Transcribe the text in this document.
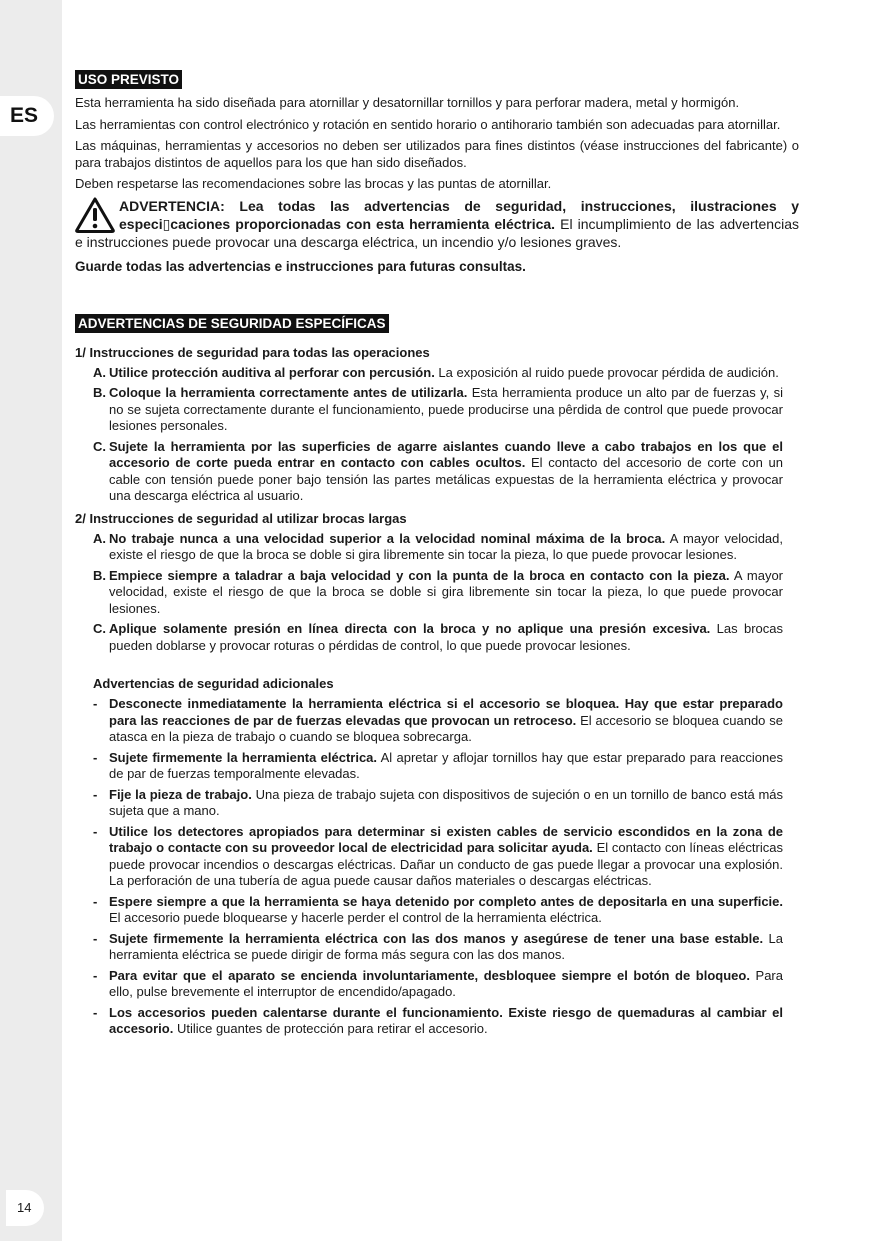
ES
14
USO PREVISTO

Esta herramienta ha sido diseñada para atornillar y desatornillar tornillos y para perforar madera, metal y hormigón.

Las herramientas con control electrónico y rotación en sentido horario o antihorario también son adecuadas para atornillar.

Las máquinas, herramientas y accesorios no deben ser utilizados para fines distintos (véase instrucciones del fabricante) o para trabajos distintos de aquellos para los que han sido diseñados.

Deben respetarse las recomendaciones sobre las brocas y las puntas de atornillar.

ADVERTENCIA: Lea todas las advertencias de seguridad, instrucciones, ilustraciones y especi▯caciones proporcionadas con esta herramienta eléctrica. El incumplimiento de las advertencias e instrucciones puede provocar una descarga eléctrica, un incendio y/o lesiones graves.
Guarde todas las advertencias e instrucciones para futuras consultas.
ADVERTENCIAS DE SEGURIDAD ESPECÍFICAS
1/ Instrucciones de seguridad para todas las operaciones
A. Utilice protección auditiva al perforar con percusión. La exposición al ruido puede provocar pérdida de audición.
B. Coloque la herramienta correctamente antes de utilizarla. Esta herramienta produce un alto par de fuerzas y, si no se sujeta correctamente durante el funcionamiento, puede producirse una pêrdida de control que puede provocar lesiones personales.
C. Sujete la herramienta por las superficies de agarre aislantes cuando lleve a cabo trabajos en los que el accesorio de corte pueda entrar en contacto con cables ocultos. El contacto del accesorio de corte con un cable con tensión puede poner bajo tensión las partes metálicas expuestas de la herramienta eléctrica y provocar una descarga eléctrica al usuario.
2/ Instrucciones de seguridad al utilizar brocas largas
A. No trabaje nunca a una velocidad superior a la velocidad nominal máxima de la broca. A mayor velocidad, existe el riesgo de que la broca se doble si gira libremente sin tocar la pieza, lo que puede provocar lesiones.
B. Empiece siempre a taladrar a baja velocidad y con la punta de la broca en contacto con la pieza. A mayor velocidad, existe el riesgo de que la broca se doble si gira libremente sin tocar la pieza, lo que puede provocar lesiones.
C. Aplique solamente presión en línea directa con la broca y no aplique una presión excesiva. Las brocas pueden doblarse y provocar roturas o pérdidas de control, lo que puede provocar lesiones.
Advertencias de seguridad adicionales
- Desconecte inmediatamente la herramienta eléctrica si el accesorio se bloquea. Hay que estar preparado para las reacciones de par de fuerzas elevadas que provocan un retroceso. El accesorio se bloquea cuando se atasca en la pieza de trabajo o cuando se bloquea sobrecarga.
- Sujete firmemente la herramienta eléctrica. Al apretar y aflojar tornillos hay que estar preparado para reacciones de par de fuerzas temporalmente elevadas.
- Fije la pieza de trabajo. Una pieza de trabajo sujeta con dispositivos de sujeción o en un tornillo de banco está más sujeta que a mano.
- Utilice los detectores apropiados para determinar si existen cables de servicio escondidos en la zona de trabajo o contacte con su proveedor local de electricidad para solicitar ayuda. El contacto con líneas eléctricas puede provocar incendios o descargas eléctricas. Dañar un conducto de gas puede llegar a provocar una explosión. La perforación de una tubería de agua puede causar daños materiales o descargas eléctricas.
- Espere siempre a que la herramienta se haya detenido por completo antes de depositarla en una superficie. El accesorio puede bloquearse y hacerle perder el control de la herramienta eléctrica.
- Sujete firmemente la herramienta eléctrica con las dos manos y asegúrese de tener una base estable. La herramienta eléctrica se puede dirigir de forma más segura con las dos manos.
- Para evitar que el aparato se encienda involuntariamente, desbloquee siempre el botón de bloqueo. Para ello, pulse brevemente el interruptor de encendido/apagado.
- Los accesorios pueden calentarse durante el funcionamiento. Existe riesgo de quemaduras al cambiar el accesorio. Utilice guantes de protección para retirar el accesorio.
